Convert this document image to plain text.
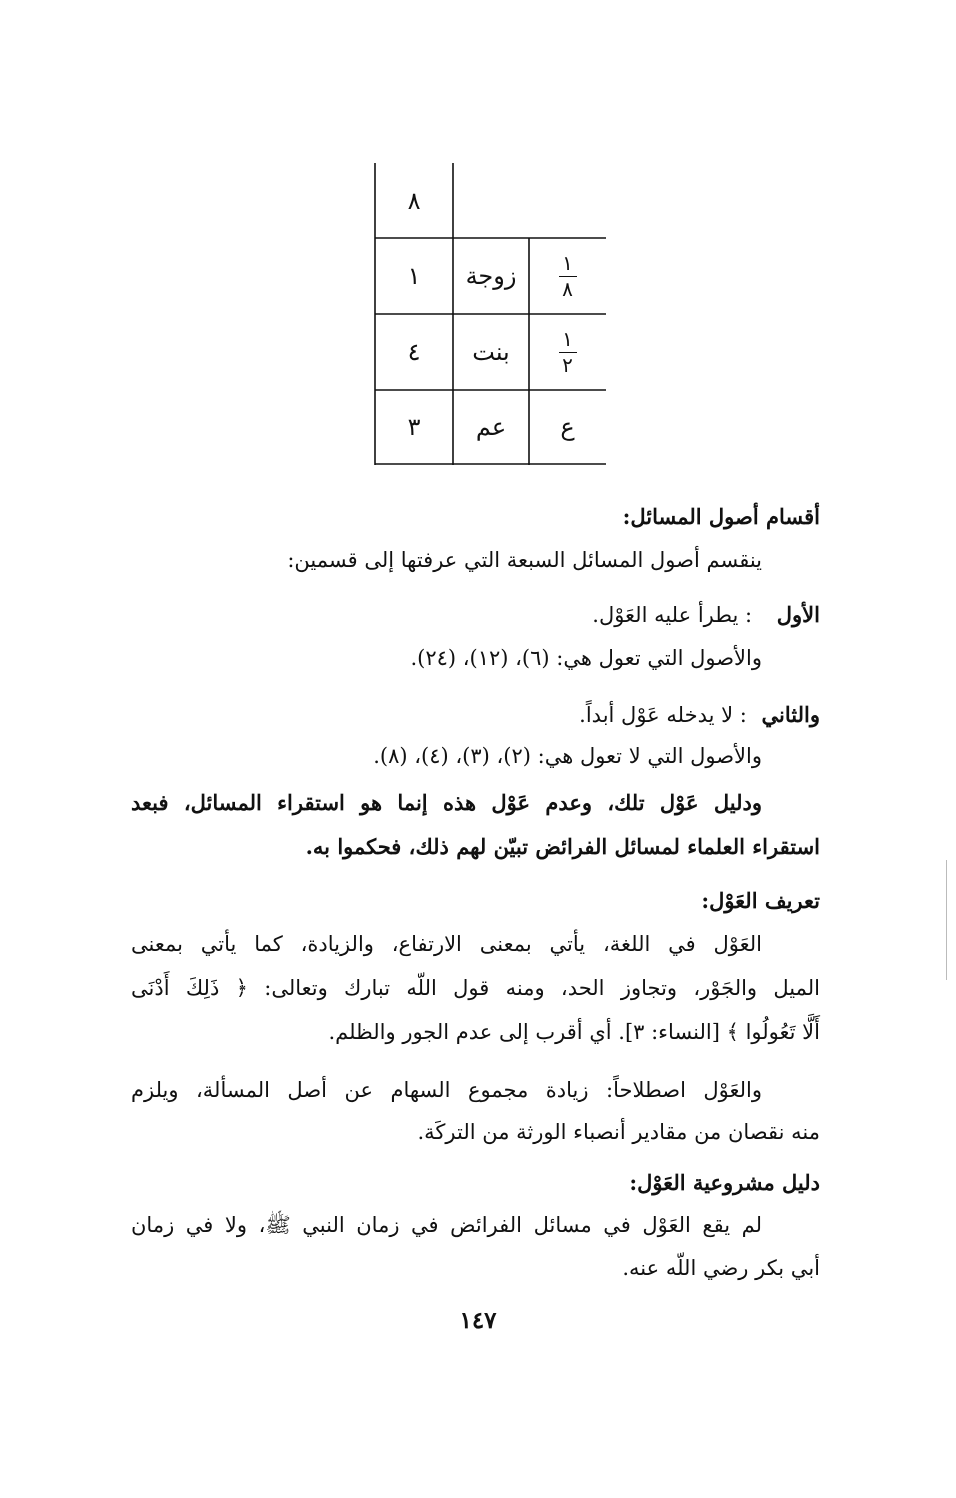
٨
١	زوجة	$\frac{١}{٨}$
٤	بنت	$\frac{١}{٢}$
٣	عم	ع
أقسام أصول المسائل:
ينقسم أصول المسائل السبعة التي عرفتها إلى قسمين:
الأول : يطرأ عليه العَوْل.
والأصول التي تعول هي: (٦)، (١٢)، (٢٤).
والثاني : لا يدخله عَوْل أبداً.
والأصول التي لا تعول هي: (٢)، (٣)، (٤)، (٨).
ودليل عَوْل تلك، وعدم عَوْل هذه إنما هو استقراء المسائل، فبعد
استقراء العلماء لمسائل الفرائض تبيّن لهم ذلك، فحكموا به.
تعريف العَوْل:
العَوْل في اللغة، يأتي بمعنى الارتفاع، والزيادة، كما يأتي بمعنى
الميل والجَوْر، وتجاوز الحد، ومنه قول اللّه تبارك وتعالى: ﴿ ذَلِكَ أَدْنَى
أَلَّا تَعُولُوا ﴾ [النساء: ٣]. أي أقرب إلى عدم الجور والظلم.
والعَوْل اصطلاحاً: زيادة مجموع السهام عن أصل المسألة، ويلزم
منه نقصان من مقادير أنصباء الورثة من التركَة.
دليل مشروعية العَوْل:
لم يقع العَوْل في مسائل الفرائض في زمان النبي ﷺ، ولا في زمان
أبي بكر رضي اللّه عنه.
١٤٧
